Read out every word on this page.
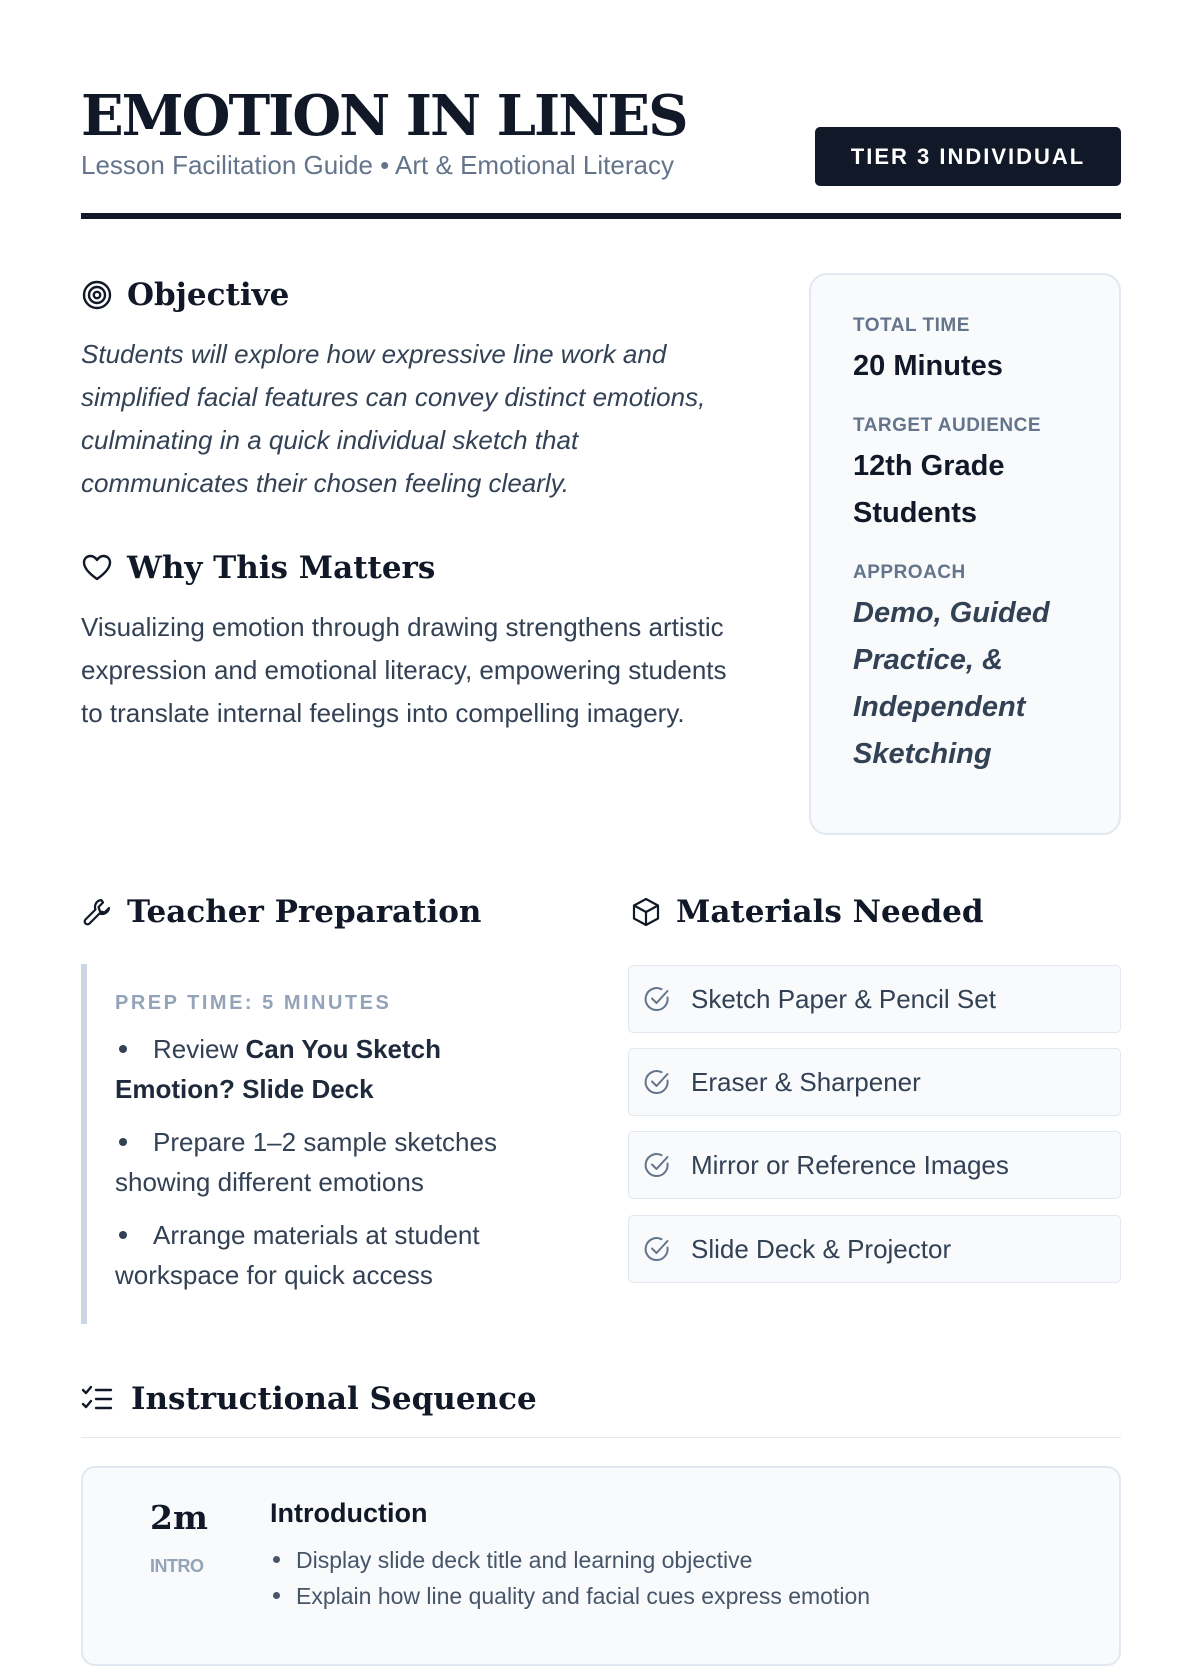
EMOTION IN LINES
Lesson Facilitation Guide • Art & Emotional Literacy	TIER 3 INDIVIDUAL
Objective
Students will explore how expressive line work and simplified facial features can convey distinct emotions, culminating in a quick individual sketch that communicates their chosen feeling clearly.
Why This Matters
Visualizing emotion through drawing strengthens artistic expression and emotional literacy, empowering students to translate internal feelings into compelling imagery.

TOTAL TIME

20 Minutes

TARGET AUDIENCE

12th Grade Students

APPROACH

Demo, Guided Practice, & Independent Sketching

Teacher Preparation

PREP TIME: 5 MINUTES

Review Can You Sketch Emotion? Slide Deck
Prepare 1–2 sample sketches showing different emotions
Arrange materials at student workspace for quick access
Materials Needed
Sketch Paper & Pencil Set
Eraser & Sharpener
Mirror or Reference Images
Slide Deck & Projector
Instructional Sequence
2m
INTRO
Introduction
Display slide deck title and learning objective
Explain how line quality and facial cues express emotion
